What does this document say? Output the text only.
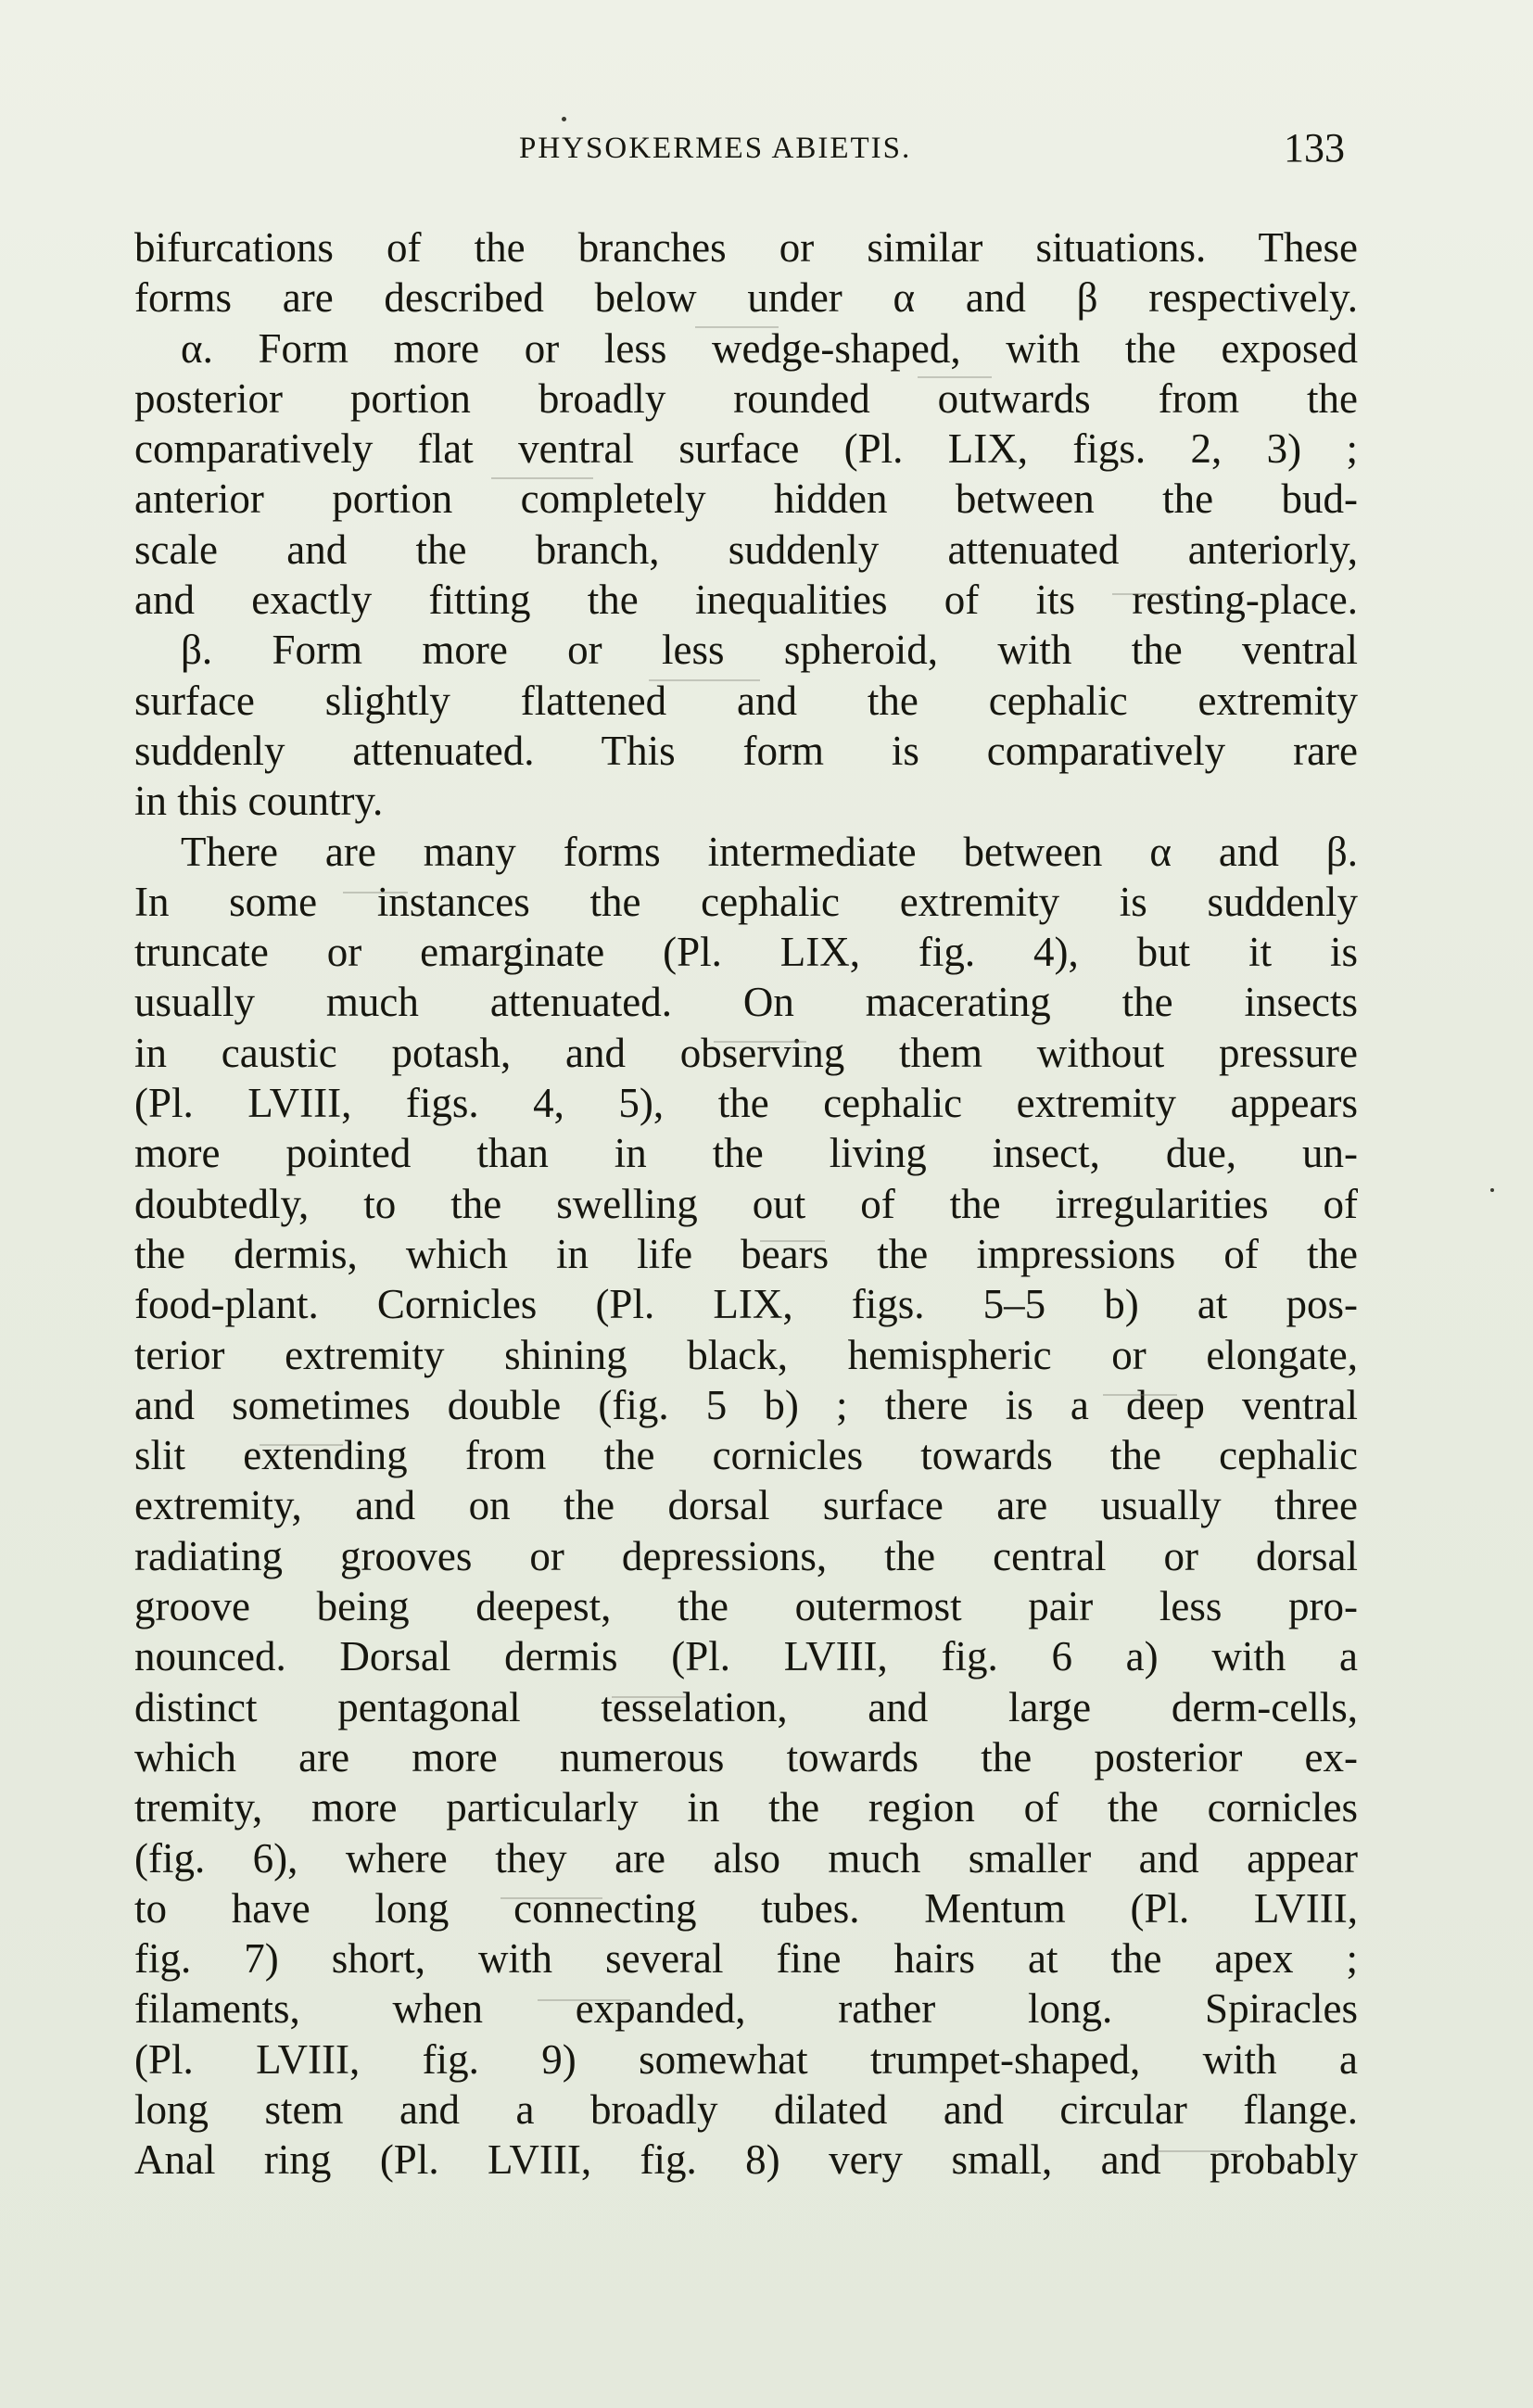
PHYSOKERMES ABIETIS.	133
bifurcations of the branches or similar situations. These
forms are described below under α and β respectively.
α. Form more or less wedge-shaped, with the exposed
posterior portion broadly rounded outwards from the
comparatively flat ventral surface (Pl. LIX, figs. 2, 3) ;
anterior portion completely hidden between the bud-
scale and the branch, suddenly attenuated anteriorly,
and exactly fitting the inequalities of its resting-place.
β. Form more or less spheroid, with the ventral
surface slightly flattened and the cephalic extremity
suddenly attenuated. This form is comparatively rare
in this country.
There are many forms intermediate between α and β.
In some instances the cephalic extremity is suddenly
truncate or emarginate (Pl. LIX, fig. 4), but it is
usually much attenuated. On macerating the insects
in caustic potash, and observing them without pressure
(Pl. LVIII, figs. 4, 5), the cephalic extremity appears
more pointed than in the living insect, due, un-
doubtedly, to the swelling out of the irregularities of
the dermis, which in life bears the impressions of the
food-plant. Cornicles (Pl. LIX, figs. 5–5 b) at pos-
terior extremity shining black, hemispheric or elongate,
and sometimes double (fig. 5 b) ; there is a deep ventral
slit extending from the cornicles towards the cephalic
extremity, and on the dorsal surface are usually three
radiating grooves or depressions, the central or dorsal
groove being deepest, the outermost pair less pro-
nounced. Dorsal dermis (Pl. LVIII, fig. 6 a) with a
distinct pentagonal tesselation, and large derm-cells,
which are more numerous towards the posterior ex-
tremity, more particularly in the region of the cornicles
(fig. 6), where they are also much smaller and appear
to have long connecting tubes. Mentum (Pl. LVIII,
fig. 7) short, with several fine hairs at the apex ;
filaments, when expanded, rather long. Spiracles
(Pl. LVIII, fig. 9) somewhat trumpet-shaped, with a
long stem and a broadly dilated and circular flange.
Anal ring (Pl. LVIII, fig. 8) very small, and probably
